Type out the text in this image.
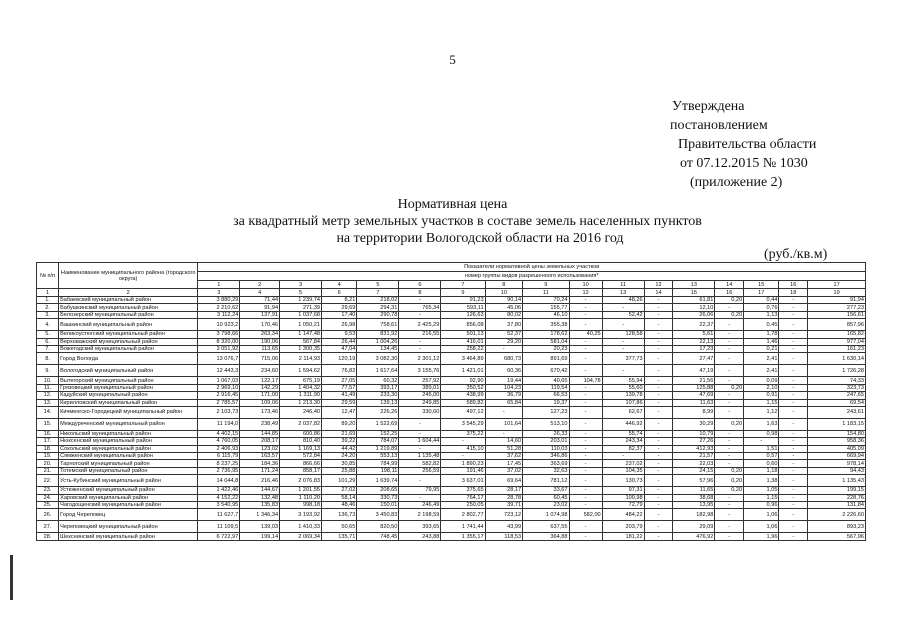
5
Утверждена
постановлением
Правительства области
от 07.12.2015 № 1030
(приложение 2)
Нормативная цена
за квадратный метр земельных участков в составе земель населенных пунктов
на территории Вологодской области на 2016 год
(руб./кв.м)
№ п/п	Наименование муниципального района (городского округа)	Показатели нормативной цены земельных участков																
		номер группы видов разрешенного использования*																
		1	2	3	4	5	6	7	8	9	10	11	12	13	14	15	16	17
1	2	3	4	5	6	7	8	9	10	11	12	13	14	15	16	17	18	19
1.	Бабаевский муниципальный район	3 880,29	71,44	1 239,74	8,21	218,02	-	91,23	90,14	70,24	-	48,26	-	61,81	0,20	0,44	-	91,94
2.	Бабушкинский муниципальный район	2 210,62	91,94	271,39	29,69	294,31	765,34	593,11	45,06	155,77	-	-	-	12,10	-	0,76	-	277,23
3.	Белозерский муниципальный район	3 112,24	137,91	1 037,68	17,40	290,78	-	126,63	80,02	46,10	-	52,42	-	26,06	0,20	1,13	-	156,61
4.	Вашкинский муниципальный район	10 923,2	170,46	1 050,21	26,98	758,61	2 425,29	856,08	37,80	355,38	-	-	-	22,37	-	0,45	-	857,96
5.	Великоустюгский муниципальный район	3 798,66	263,34	1 147,48	9,53	831,92	216,55	501,13	52,37	178,62	40,25	128,58	-	5,61	-	1,78	-	165,82
6.	Верховажский муниципальный район	8 320,00	190,06	567,84	26,44	1 004,26	-	416,01	29,20	581,04	-	-	-	22,13	-	1,46	-	977,04
7.	Вожегодский муниципальный район	3 051,92	113,65	1 300,35	47,04	134,45	-	258,22	-	20,23	-	-	-	17,23	-	0,21	-	161,23
8.	Город Вологда	13 076,7	715,06	2 114,93	120,19	3 082,30	2 301,12	3 464,89	680,73	891,69	-	377,73	-	27,47	-	2,41	-	1 630,14
9.	Вологодский муниципальный район	12 443,3	234,60	1 594,62	76,82	1 617,64	3 155,76	1 421,01	60,36	670,42	-	-	-	47,19	-	2,41	-	1 726,28
10.	Вытегорский муниципальный район	1 067,03	122,17	675,19	27,05	60,32	257,92	92,90	19,44	40,65	104,78	55,94	-	21,56	-	0,09	-	74,33
11.	Грязовецкий муниципальный район	2 969,10	142,29	1 404,32	77,57	393,17	389,01	350,52	104,23	119,54	-	55,60	-	125,88	0,20	2,10	-	323,73
12.	Кадуйский муниципальный район	2 916,45	171,00	1 311,90	41,49	233,30	245,00	438,99	36,79	66,53	-	139,78	-	47,69	-	0,91	-	247,65
13.	Кирилловский муниципальный район	2 785,57	109,06	1 213,30	29,59	139,13	249,85	589,82	65,84	19,37	-	107,86	-	11,63	-	1,15	-	69,54
14.	Кичменгско-Городецкий муниципальный район	2 103,73	173,46	246,40	12,47	226,26	330,60	497,12	-	127,23	-	62,67	-	8,99	-	1,12	-	243,61
15.	Междуреченский муниципальный район	11 194,0	238,49	2 037,82	89,20	1 522,69	-	3 545,29	101,64	513,10	-	446,92	-	30,29	0,20	1,63	-	1 183,15
16.	Никольский муниципальный район	4 402,15	144,85	600,86	21,69	152,25	-	375,22	-	26,33	-	55,74	-	10,79	-	0,98	-	154,80
17.	Нюксенский муниципальный район	4 760,05	208,17	810,40	39,22	784,07	1 604,44	-	14,60	203,01	-	243,34	-	27,26	-	-	-	958,36
18.	Сокольский муниципальный район	2 406,93	123,02	1 169,13	44,42	1 219,89	-	415,10	51,28	110,03	-	82,37	-	412,93	-	1,51	-	405,09
19.	Сямженский муниципальный район	6 115,79	163,57	572,84	24,20	553,13	1 135,48	-	37,62	346,86	-	-	-	21,57	-	0,57	-	669,94
20.	Тарногский муниципальный район	8 237,25	184,36	866,66	30,85	784,99	582,82	1 890,23	17,45	363,69	-	237,02	-	22,03	-	0,60	-	978,14
21.	Тотемский муниципальный район	2 736,95	171,24	858,17	25,88	198,11	256,59	191,46	37,02	32,63	-	104,35	-	24,15	0,20	1,18	-	94,43
22.	Усть-Кубинский муниципальный район	14 044,8	216,46	2 076,83	101,29	1 639,74	-	3 637,01	69,64	781,12	-	130,73	-	57,96	0,20	1,38	-	1 135,43
23.	Устюженский муниципальный район	1 422,46	144,67	1 201,55	27,02	208,65	79,95	375,65	28,17	33,67	-	97,31	-	11,65	0,20	1,05	-	199,15
24.	Харовский муниципальный район	4 152,22	132,48	1 110,20	58,14	330,73	-	764,17	28,78	60,45	-	100,98	-	38,68	-	1,15	-	228,76
25.	Чагодощенский муниципальный район	3 540,95	135,83	998,18	48,46	150,01	246,49	250,05	39,71	23,02	-	72,79	-	13,95	-	0,96	-	131,84
26.	Город Череповец	11 627,7	1 346,34	3 193,92	136,73	3 450,83	2 198,59	2 802,77	723,12	1 074,98	582,00	484,22	-	182,98	-	1,06	-	2 226,60
27.	Череповецкий муниципальный район	11 109,5	139,03	1 410,33	50,65	820,50	393,65	1 741,44	43,99	637,55	-	203,79	-	29,09	-	1,06	-	893,23
28.	Шекснинский муниципальный район	6 722,97	199,14	2 069,34	135,71	748,45	243,88	1 355,17	118,53	364,88	-	181,22	-	476,92	-	1,96	-	567,96
